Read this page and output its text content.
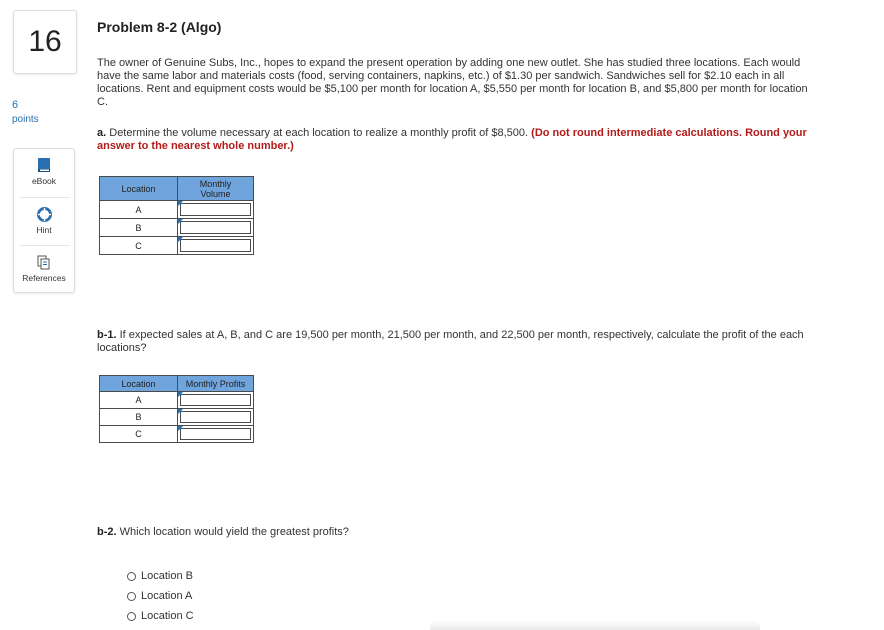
16
6
points
eBook
Hint
References
Problem 8-2 (Algo)
The owner of Genuine Subs, Inc., hopes to expand the present operation by adding one new outlet. She has studied three locations. Each would have the same labor and materials costs (food, serving containers, napkins, etc.) of $1.30 per sandwich. Sandwiches sell for $2.10 each in all locations. Rent and equipment costs would be $5,100 per month for location A, $5,550 per month for location B, and $5,800 per month for location C.
a. Determine the volume necessary at each location to realize a monthly profit of $8,500. (Do not round intermediate calculations. Round your answer to the nearest whole number.)
Location	Monthly Volume
A	

B	

C	
b-1. If expected sales at A, B, and C are 19,500 per month, 21,500 per month, and 22,500 per month, respectively, calculate the profit of the each locations?
Location	Monthly Profits
A	

B	

C	
b-2. Which location would yield the greatest profits?
Location B
Location A
Location C
